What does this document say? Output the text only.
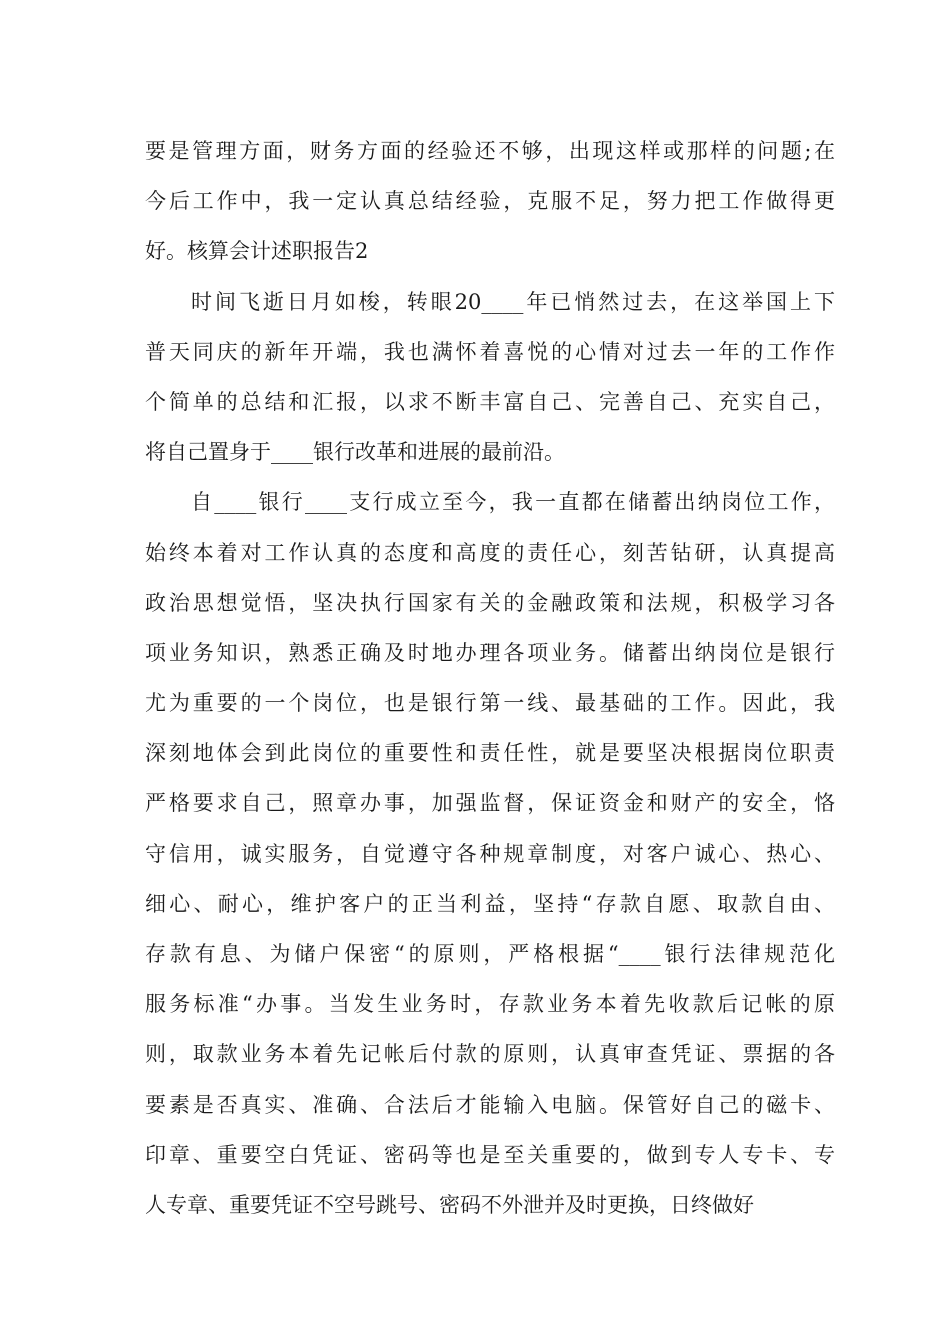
要是管理方面，财务方面的经验还不够，出现这样或那样的问题;在
今后工作中，我一定认真总结经验，克服不足，努力把工作做得更
好。核算会计述职报告2
时间飞逝日月如梭，转眼20____年已悄然过去，在这举国上下
普天同庆的新年开端，我也满怀着喜悦的心情对过去一年的工作作
个简单的总结和汇报，以求不断丰富自己、完善自己、充实自己，
将自己置身于____银行改革和进展的最前沿。
自____银行____支行成立至今，我一直都在储蓄出纳岗位工作，
始终本着对工作认真的态度和高度的责任心，刻苦钻研，认真提高
政治思想觉悟，坚决执行国家有关的金融政策和法规，积极学习各
项业务知识，熟悉正确及时地办理各项业务。储蓄出纳岗位是银行
尤为重要的一个岗位，也是银行第一线、最基础的工作。因此，我
深刻地体会到此岗位的重要性和责任性，就是要坚决根据岗位职责
严格要求自己，照章办事，加强监督，保证资金和财产的安全，恪
守信用，诚实服务，自觉遵守各种规章制度，对客户诚心、热心、
细心、耐心，维护客户的正当利益，坚持“存款自愿、取款自由、
存款有息、为储户保密“的原则，严格根据“____银行法律规范化
服务标准“办事。当发生业务时，存款业务本着先收款后记帐的原
则，取款业务本着先记帐后付款的原则，认真审查凭证、票据的各
要素是否真实、准确、合法后才能输入电脑。保管好自己的磁卡、
印章、重要空白凭证、密码等也是至关重要的，做到专人专卡、专
人专章、重要凭证不空号跳号、密码不外泄并及时更换，日终做好
